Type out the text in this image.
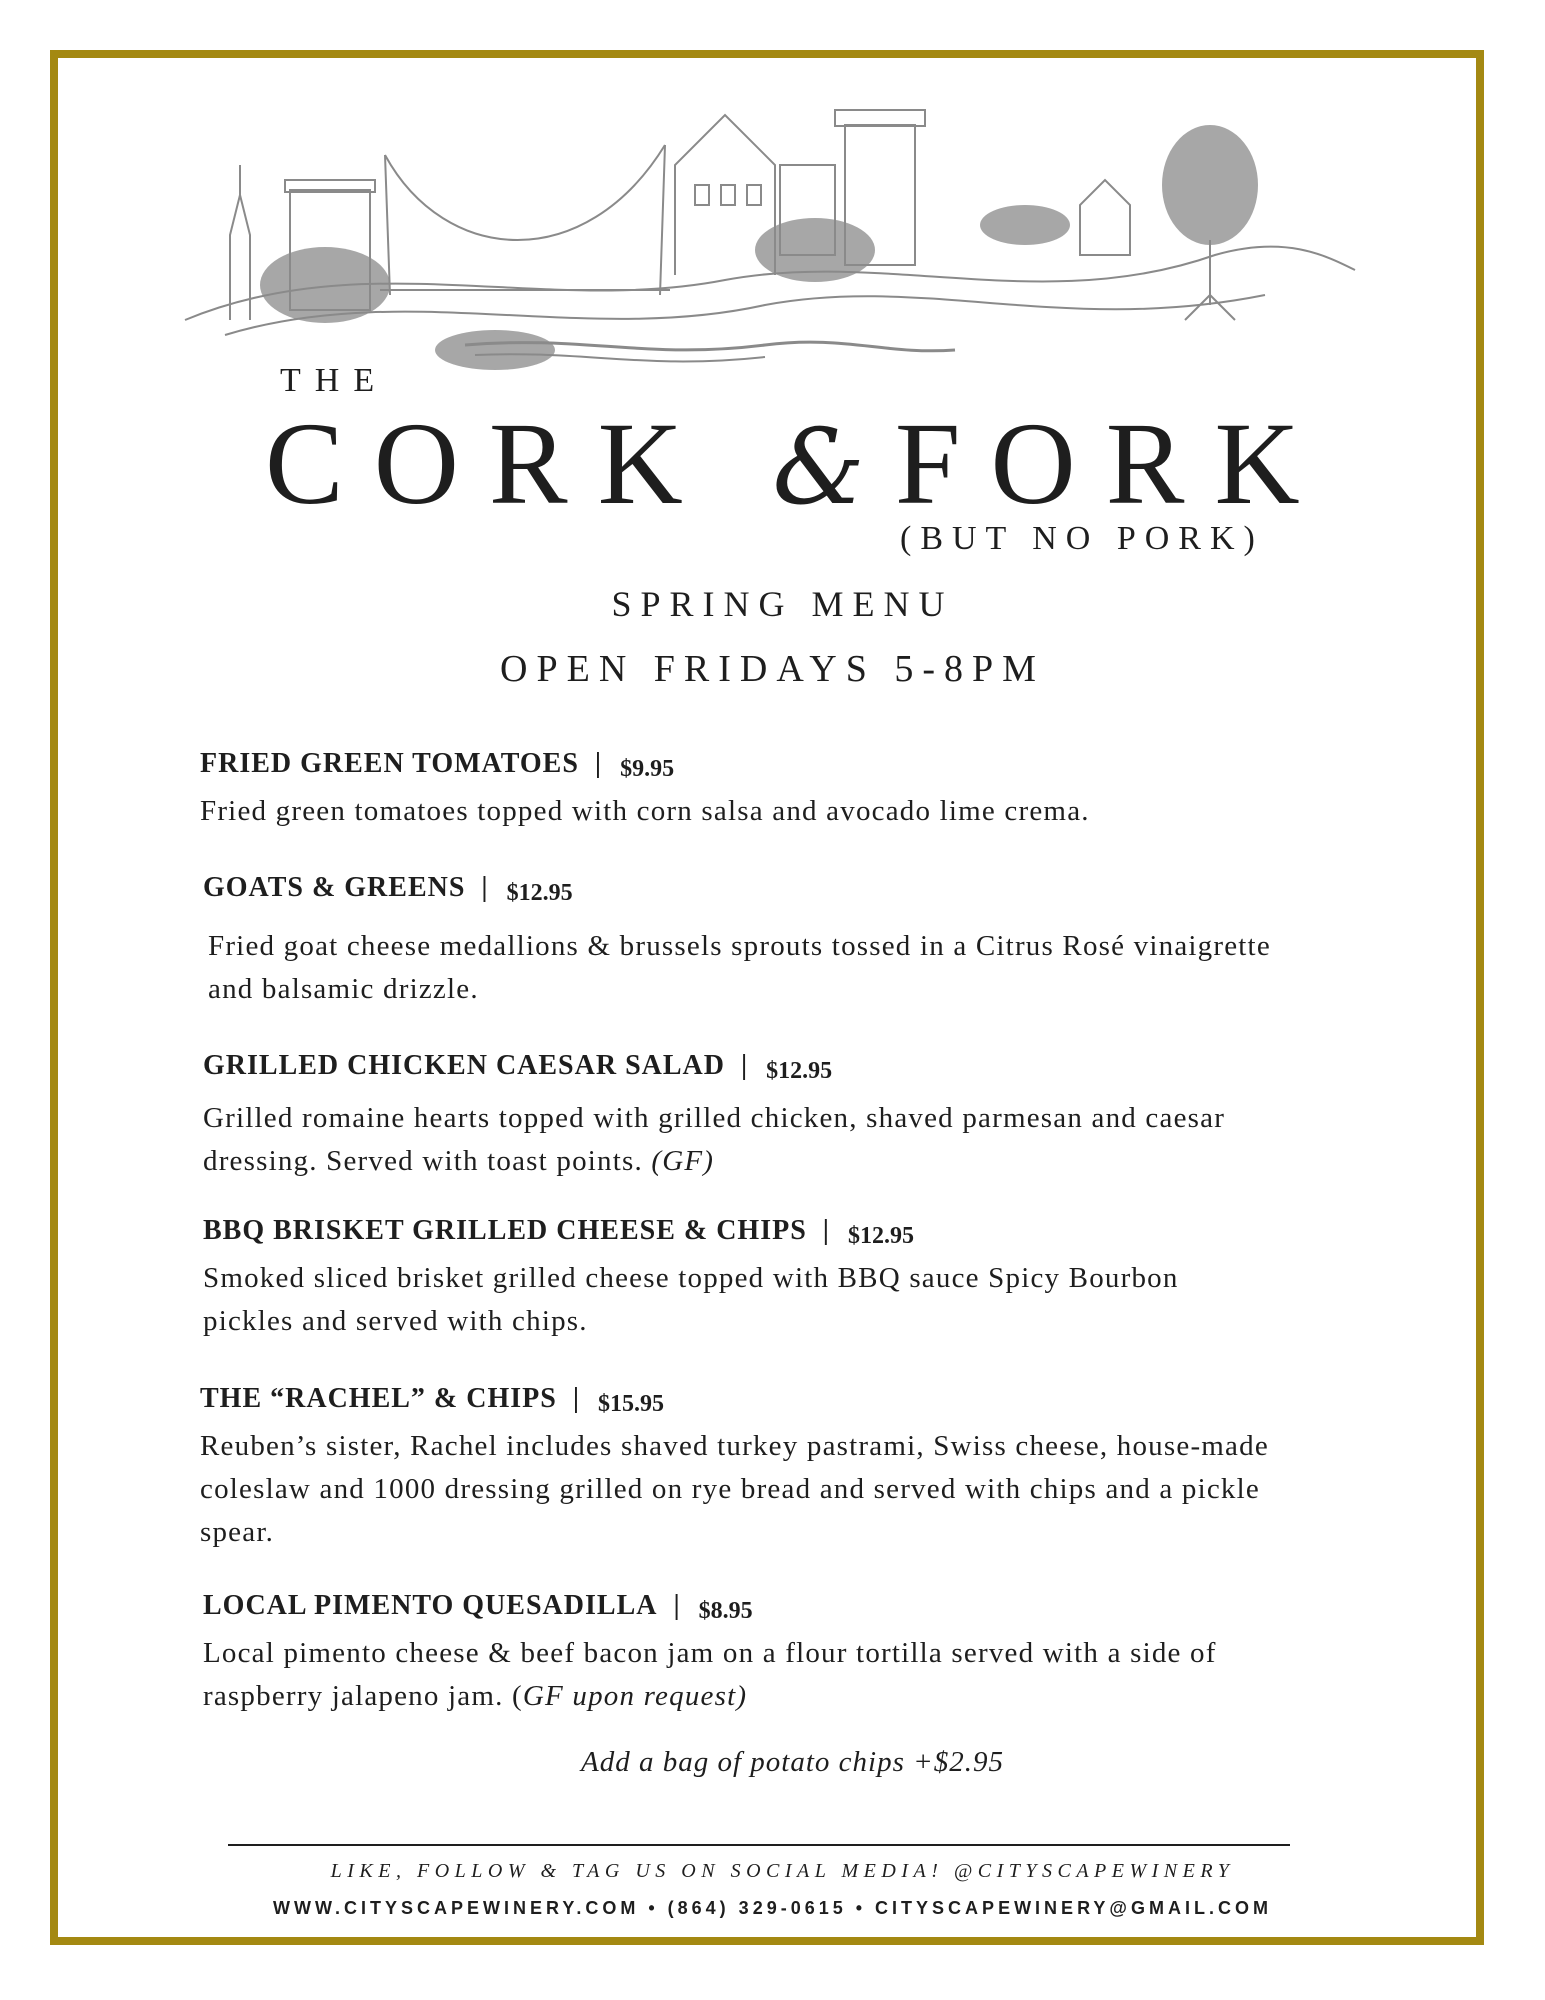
THE
CORK & FORK
(BUT NO PORK)
SPRING MENU
OPEN FRIDAYS 5-8PM
FRIED GREEN TOMATOES | $9.95
Fried green tomatoes topped with corn salsa and avocado lime crema.
GOATS & GREENS | $12.95
Fried goat cheese medallions & brussels sprouts tossed in a Citrus Rosé vinaigrette
and balsamic drizzle.
GRILLED CHICKEN CAESAR SALAD | $12.95
Grilled romaine hearts topped with grilled chicken, shaved parmesan and caesar
dressing. Served with toast points. (GF)
BBQ BRISKET GRILLED CHEESE & CHIPS | $12.95
Smoked sliced brisket grilled cheese topped with BBQ sauce Spicy Bourbon
pickles and served with chips.
THE “RACHEL” & CHIPS | $15.95
Reuben’s sister, Rachel includes shaved turkey pastrami, Swiss cheese, house-made
coleslaw and 1000 dressing grilled on rye bread and served with chips and a pickle
spear.
LOCAL PIMENTO QUESADILLA | $8.95
Local pimento cheese & beef bacon jam on a flour tortilla served with a side of
raspberry jalapeno jam. (GF upon request)
Add a bag of potato chips +$2.95
LIKE, FOLLOW & TAG US ON SOCIAL MEDIA! @CITYSCAPEWINERY
WWW.CITYSCAPEWINERY.COM • (864) 329-0615 • CITYSCAPEWINERY@GMAIL.COM
